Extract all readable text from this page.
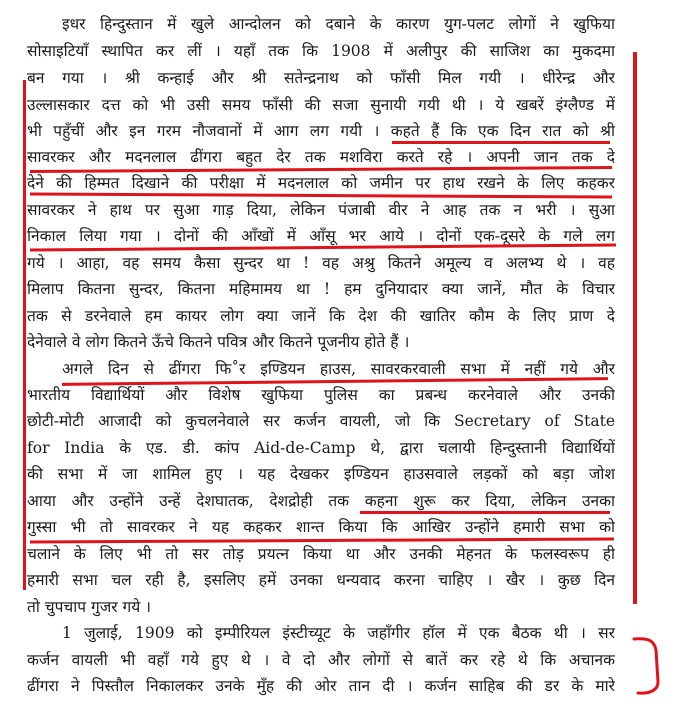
इधर हिन्दुस्तान में खुले आन्दोलन को दबाने के कारण युग-पलट लोगों ने खुफिया
सोसाइटियाँ स्थापित कर लीं । यहाँ तक कि 1908 में अलीपुर की साजिश का मुकदमा
बन गया । श्री कन्हाई और श्री सतेन्द्रनाथ को फाँसी मिल गयी । धीरेन्द्र और
उल्लासकार दत्त को भी उसी समय फाँसी की सजा सुनायी गयी थी । ये खबरें इंग्लैण्ड में
भी पहुँचीं और इन गरम नौजवानों में आग लग गयी । कहते हैं कि एक दिन रात को श्री
सावरकर और मदनलाल ढींगरा बहुत देर तक मशविरा करते रहे । अपनी जान तक दे
देने की हिम्मत दिखाने की परीक्षा में मदनलाल को जमीन पर हाथ रखने के लिए कहकर
सावरकर ने हाथ पर सुआ गाड़ दिया, लेकिन पंजाबी वीर ने आह तक न भरी । सुआ
निकाल लिया गया । दोनों की आँखों में आँसू भर आये । दोनों एक-दूसरे के गले लग
गये । आहा, वह समय कैसा सुन्दर था ! वह अश्रु कितने अमूल्य व अलभ्य थे । वह
मिलाप कितना सुन्दर, कितना महिमामय था ! हम दुनियादार क्या जानें, मौत के विचार
तक से डरनेवाले हम कायर लोग क्या जानें कि देश की खातिर कौम के लिए प्राण दे
देनेवाले वे लोग कितने ऊँचे कितने पवित्र और कितने पूजनीय होते हैं ।
अगले दिन से ढींगरा फि˚र इण्डियन हाउस, सावरकरवाली सभा में नहीं गये और
भारतीय विद्यार्थियों और विशेष खुफिया पुलिस का प्रबन्ध करनेवाले और उनकी
छोटी-मोटी आजादी को कुचलनेवाले सर कर्जन वायली, जो कि Secretary of State
for India के एड. डी. कांप Aid-de-Camp थे, द्वारा चलायी हिन्दुस्तानी विद्यार्थियों
की सभा में जा शामिल हुए । यह देखकर इण्डियन हाउसवाले लड़कों को बड़ा जोश
आया और उन्होंने उन्हें देशघातक, देशद्रोही तक कहना शुरू कर दिया, लेकिन उनका
गुस्सा भी तो सावरकर ने यह कहकर शान्त किया कि आखिर उन्होंने हमारी सभा को
चलाने के लिए भी तो सर तोड़ प्रयत्न किया था और उनकी मेहनत के फलस्वरूप ही
हमारी सभा चल रही है, इसलिए हमें उनका धन्यवाद करना चाहिए । खैर । कुछ दिन
तो चुपचाप गुजर गये ।
1 जुलाई, 1909 को इम्पीरियल इंस्टीच्यूट के जहाँगीर हॉल में एक बैठक थी । सर
कर्जन वायली भी वहाँ गये हुए थे । वे दो और लोगों से बातें कर रहे थे कि अचानक
ढींगरा ने पिस्तौल निकालकर उनके मुँह की ओर तान दी । कर्जन साहिब की डर के मारे
